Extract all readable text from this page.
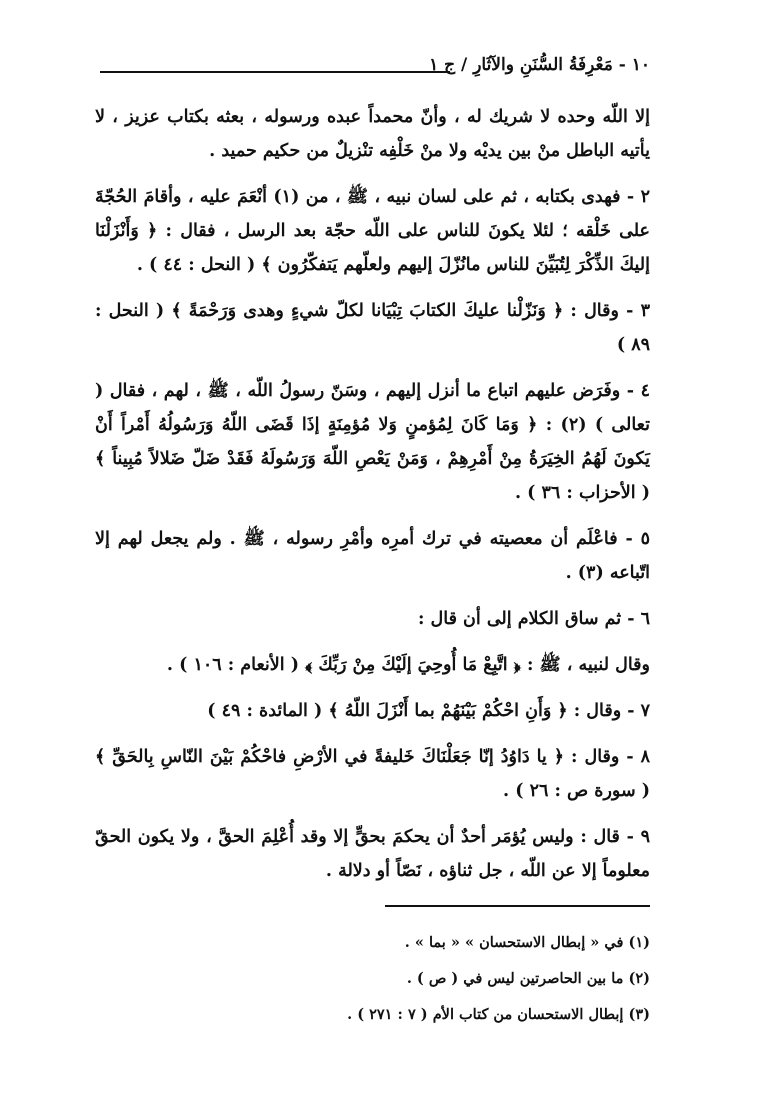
١٠ - مَعْرِفَةُ السُّنَنِ والآثَارِ / ج ١

إلا اللّه وحده لا شريك له ، وأنّ محمداً عبده ورسوله ، بعثه بكتاب عزيز ، لا يأتيه الباطل منْ بين يديْه ولا منْ خَلْفِه تنْزيلٌ من حكيم حميد .

٢ - فهدى بكتابه ، ثم على لسان نبيه ، ﷺ ، من (١) أنْعَمَ عليه ، وأقامَ الحُجّةَ على خَلْقه ؛ لئلا يكونَ للناس على اللّه حجّة بعد الرسل ، فقال : ﴿ وَأَنْزَلْنَا إليكَ الذِّكْرَ لِتُبَيِّنَ للناس مانُزّلَ إليهم ولعلّهم يَتفكّرُون ﴾ ( النحل : ٤٤ ) .

٣ - وقال : ﴿ وَنَزّلْنا عليكَ الكتابَ تِبْيَانا لكلّ شيءٍ وهدى وَرَحْمَةً ﴾ ( النحل : ٨٩ )

٤ - وفَرَض عليهم اتباع ما أنزل إليهم ، وسَنّ رسولُ اللّه ، ﷺ ، لهم ، فقال ( تعالى ) (٢) : ﴿ وَمَا كَانَ لِمُؤمنٍ وَلا مُؤمِنَةٍ إذَا قَضَى اللّهُ وَرَسُولُهُ أَمْراً أَنْ يَكونَ لَهُمُ الخِيَرَةُ مِنْ أَمْرِهِمْ ، وَمَنْ يَعْصِ اللّهَ وَرَسُولَهُ فَقَدْ ضَلّ ضَلالاً مُبِيناً ﴾ ( الأحزاب : ٣٦ ) .

٥ - فاعْلَم أن معصيته في ترك أمرِه وأمْرِ رسوله ، ﷺ . ولم يجعل لهم إلا اتّباعه (٣) .

٦ - ثم ساق الكلام إلى أن قال :

وقال لنبيه ، ﷺ : ﴿ اتَّبِعْ مَا أُوحِيَ إلَيْكَ مِنْ رَبِّكَ ﴾ ( الأنعام : ١٠٦ ) .

٧ - وقال : ﴿ وَأَنِ احْكُمْ بَيْنَهُمْ بما أَنْزَلَ اللّهُ ﴾ ( المائدة : ٤٩ )

٨ - وقال : ﴿ يا دَاوُدُ إنّا جَعَلْنَاكَ خَليفةً في الأرْضِ فاحْكُمْ بَيْنَ النّاسِ بِالحَقِّ ﴾ ( سورة ص : ٢٦ ) .

٩ - قال : وليس يُؤمَر أحدٌ أن يحكمَ بحقٍّ إلا وقد أُعْلِمَ الحقَّ ، ولا يكون الحقّ معلوماً إلا عن اللّه ، جل ثناؤه ، نَصّاً أو دلالة .

(١) في « إبطال الاستحسان » « بما » .

(٢) ما بين الحاصرتين ليس في ( ص ) .

(٣) إبطال الاستحسان من كتاب الأم ( ٧ : ٢٧١ ) .
